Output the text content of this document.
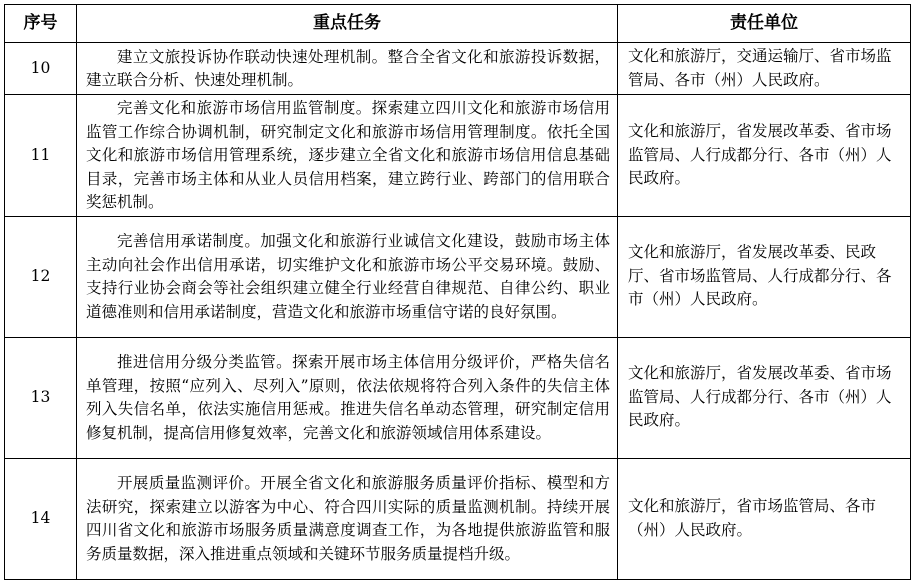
序号	重点任务	责任单位
10	建立文旅投诉协作联动快速处理机制。整合全省文化和旅游投诉数据，建立联合分析、快速处理机制。	文化和旅游厅，交通运输厅、省市场监管局、各市（州）人民政府。
11	完善文化和旅游市场信用监管制度。探索建立四川文化和旅游市场信用监管工作综合协调机制，研究制定文化和旅游市场信用管理制度。依托全国文化和旅游市场信用管理系统，逐步建立全省文化和旅游市场信用信息基础目录，完善市场主体和从业人员信用档案，建立跨行业、跨部门的信用联合奖惩机制。	文化和旅游厅，省发展改革委、省市场监管局、人行成都分行、各市（州）人民政府。
12	完善信用承诺制度。加强文化和旅游行业诚信文化建设，鼓励市场主体主动向社会作出信用承诺，切实维护文化和旅游市场公平交易环境。鼓励、支持行业协会商会等社会组织建立健全行业经营自律规范、自律公约、职业道德准则和信用承诺制度，营造文化和旅游市场重信守诺的良好氛围。	文化和旅游厅，省发展改革委、民政厅、省市场监管局、人行成都分行、各市（州）人民政府。
13	推进信用分级分类监管。探索开展市场主体信用分级评价，严格失信名单管理，按照“应列入、尽列入”原则，依法依规将符合列入条件的失信主体列入失信名单，依法实施信用惩戒。推进失信名单动态管理，研究制定信用修复机制，提高信用修复效率，完善文化和旅游领域信用体系建设。	文化和旅游厅，省发展改革委、省市场监管局、人行成都分行、各市（州）人民政府。
14	开展质量监测评价。开展全省文化和旅游服务质量评价指标、模型和方法研究，探索建立以游客为中心、符合四川实际的质量监测机制。持续开展四川省文化和旅游市场服务质量满意度调查工作，为各地提供旅游监管和服务质量数据，深入推进重点领域和关键环节服务质量提档升级。	文化和旅游厅，省市场监管局、各市（州）人民政府。
